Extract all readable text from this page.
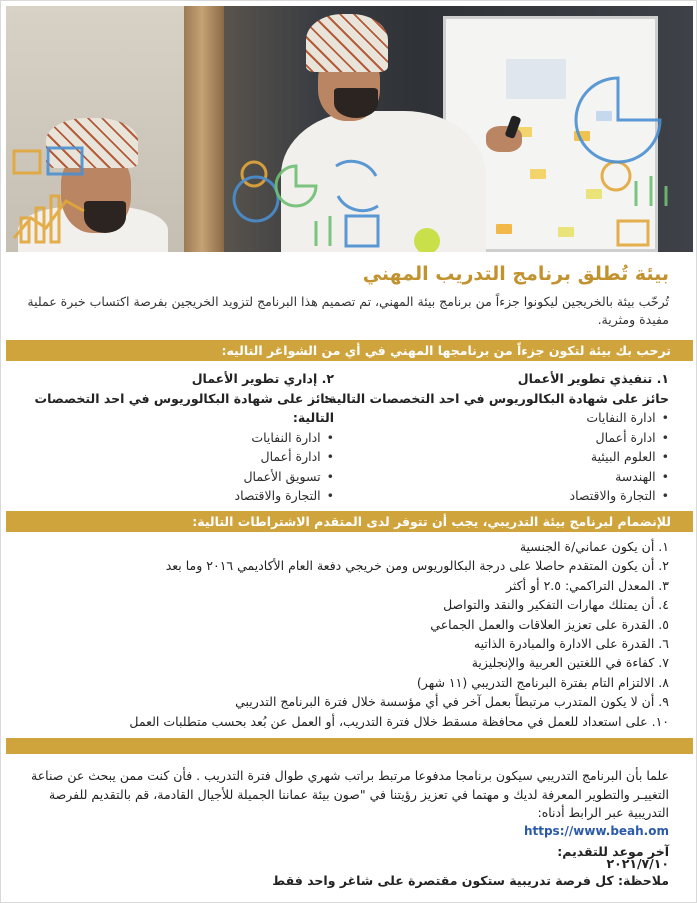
بيئة تُطلق برنامج التدريب المهني
تُرحّب بيئة بالخريجين ليكونوا جزءاً من برنامج بيئة المهني، تم تصميم هذا البرنامج لتزويد الخريجين بفرصة اكتساب خبرة عملية مفيدة ومثرية.
ترحب بك بيئة لتكون جزءاً من برنامجها المهني في أي من الشواغر التاليه:
١. تنفيذي تطوير الأعمال
حائز على شهادة البكالوريوس في احد التخصصات التالية:
• ادارة النفايات
• ادارة أعمال
• العلوم البيئية
• الهندسة
• التجارة والاقتصاد
٢. إداري تطوير الأعمال
حائز على شهادة البكالوريوس في احد التخصصات التالية:
• ادارة النفايات
• ادارة أعمال
• تسويق الأعمال
• التجارة والاقتصاد
للإنضمام لبرنامج بيئة التدريبي، يجب أن تتوفر لدى المتقدم الاشتراطات التالية:
١. أن يكون عماني/ة الجنسية
٢. أن يكون المتقدم حاصلا على درجة البكالوريوس ومن خريجي دفعة العام الأكاديمي ٢٠١٦ وما بعد
٣. المعدل التراكمي: ٢.٥ أو أكثر
٤. أن يمتلك مهارات التفكير والنقد والتواصل
٥. القدرة على تعزيز العلاقات والعمل الجماعي
٦. القدرة على الادارة والمبادرة الذاتيه
٧. كفاءة في اللغتين العربية والإنجليزية
٨. الالتزام التام بفترة البرنامج التدريبي (١١ شهر)
٩. أن لا يكون المتدرب مرتبطاً بعمل آخر في أي مؤسسة خلال فترة البرنامج التدريبي
١٠. على استعداد للعمل في محافظة مسقط خلال فترة التدريب، أو العمل عن بُعد بحسب متطلبات العمل
علما بأن البرنامج التدريبي سيكون برنامجا مدفوعا مرتبط براتب شهري طوال فترة التدريب . فأن كنت ممن يبحث عن صناعة التغييـر والتطوير المعرفة لديك و مهتما في تعزيز رؤيتنا في "صون بيئة عماننا الجميلة للأجيال القادمة، قم بالتقديم للفرصة التدريبية عبر الرابط أدناه:
https://www.beah.om
آخر موعد للتقديم:
٢٠٢١/٧/١٠
ملاحظة: كل فرصة تدريبية ستكون مقتصرة على شاغر واحد فقط
